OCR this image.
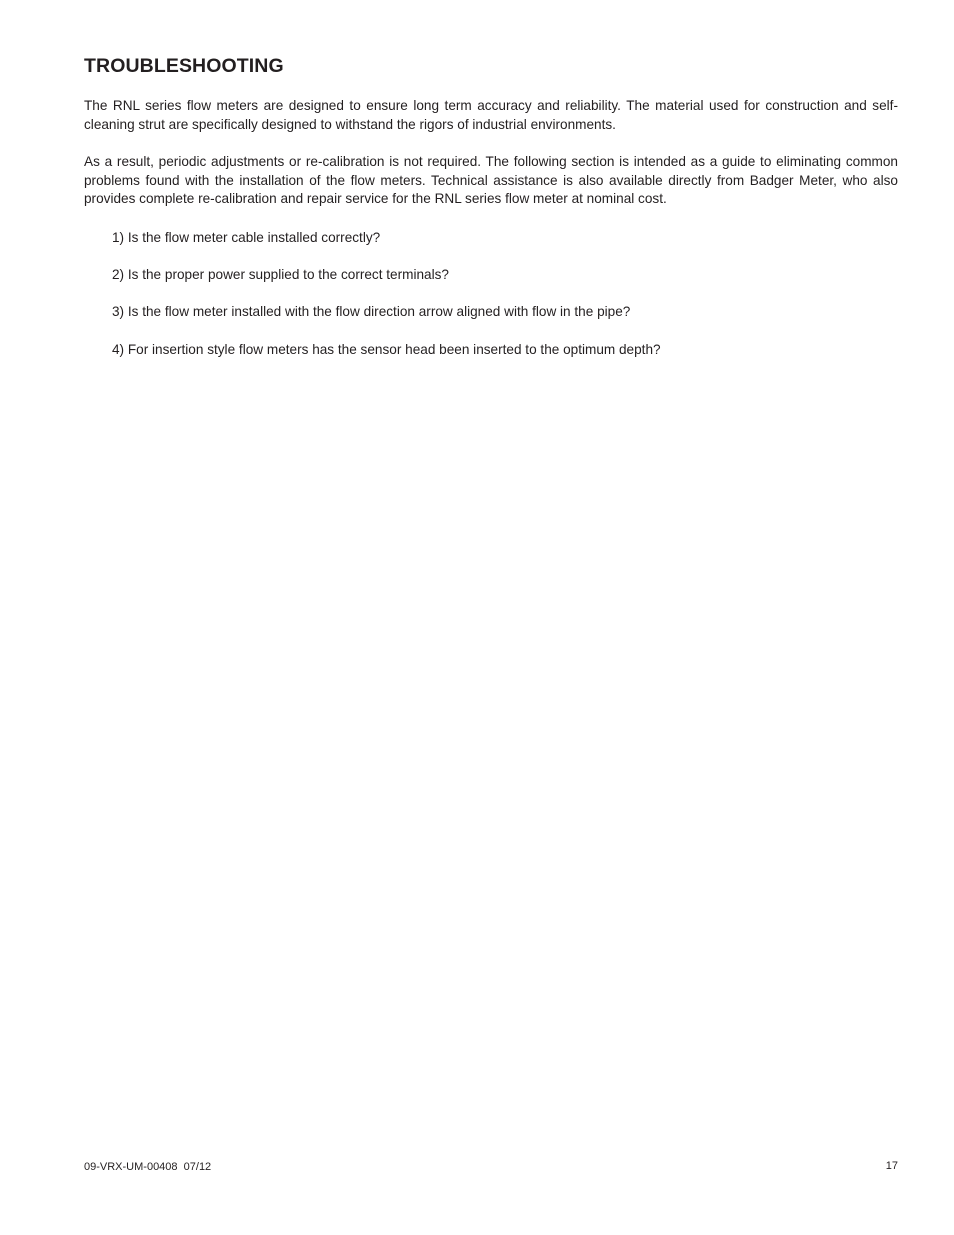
TROUBLESHOOTING

The RNL series flow meters are designed to ensure long term accuracy and reliability. The material used for construction and self-cleaning strut are specifically designed to withstand the rigors of industrial environments.

As a result, periodic adjustments or re-calibration is not required. The following section is intended as a guide to eliminating common problems found with the installation of the flow meters. Technical assistance is also available directly from Badger Meter, who also provides complete re-calibration and repair service for the RNL series flow meter at nominal cost.

1) Is the flow meter cable installed correctly?

2) Is the proper power supplied to the correct terminals?

3) Is the flow meter installed with the flow direction arrow aligned with flow in the pipe?

4) For insertion style flow meters has the sensor head been inserted to the optimum depth?

09-VRX-UM-00408  07/12	17
